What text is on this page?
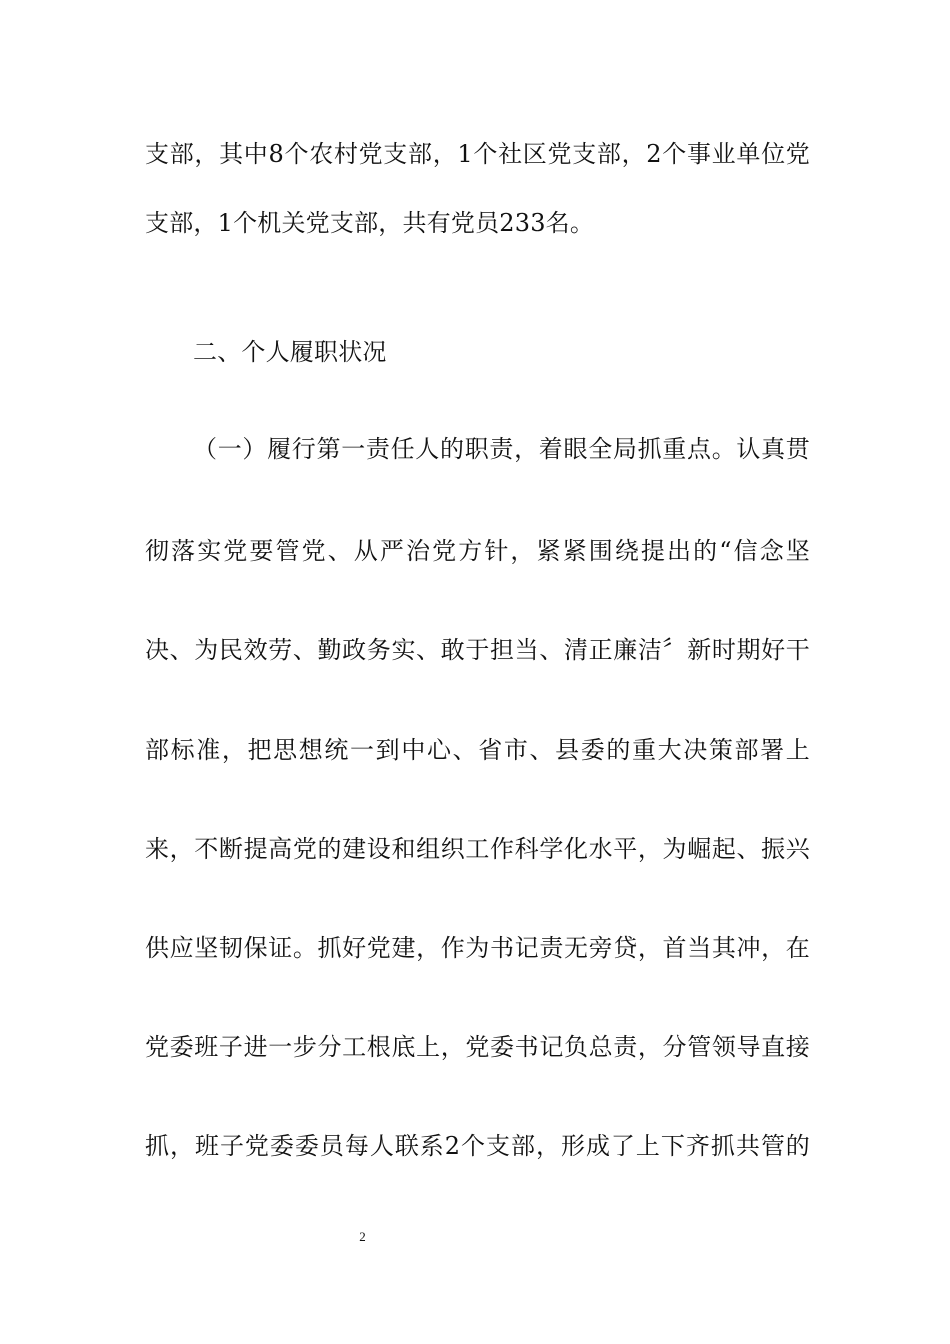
支部，其中8个农村党支部，1个社区党支部，2个事业单位党
支部，1个机关党支部，共有党员233名。
二、个人履职状况
（一）履行第一责任人的职责，着眼全局抓重点。认真贯
彻落实党要管党、从严治党方针，紧紧围绕提出的“信念坚
决、为民效劳、勤政务实、敢于担当、清正廉洁〞新时期好干
部标准，把思想统一到中心、省市、县委的重大决策部署上
来，不断提高党的建设和组织工作科学化水平，为崛起、振兴
供应坚韧保证。抓好党建，作为书记责无旁贷，首当其冲，在
党委班子进一步分工根底上，党委书记负总责，分管领导直接
抓，班子党委委员每人联系2个支部，形成了上下齐抓共管的
2
